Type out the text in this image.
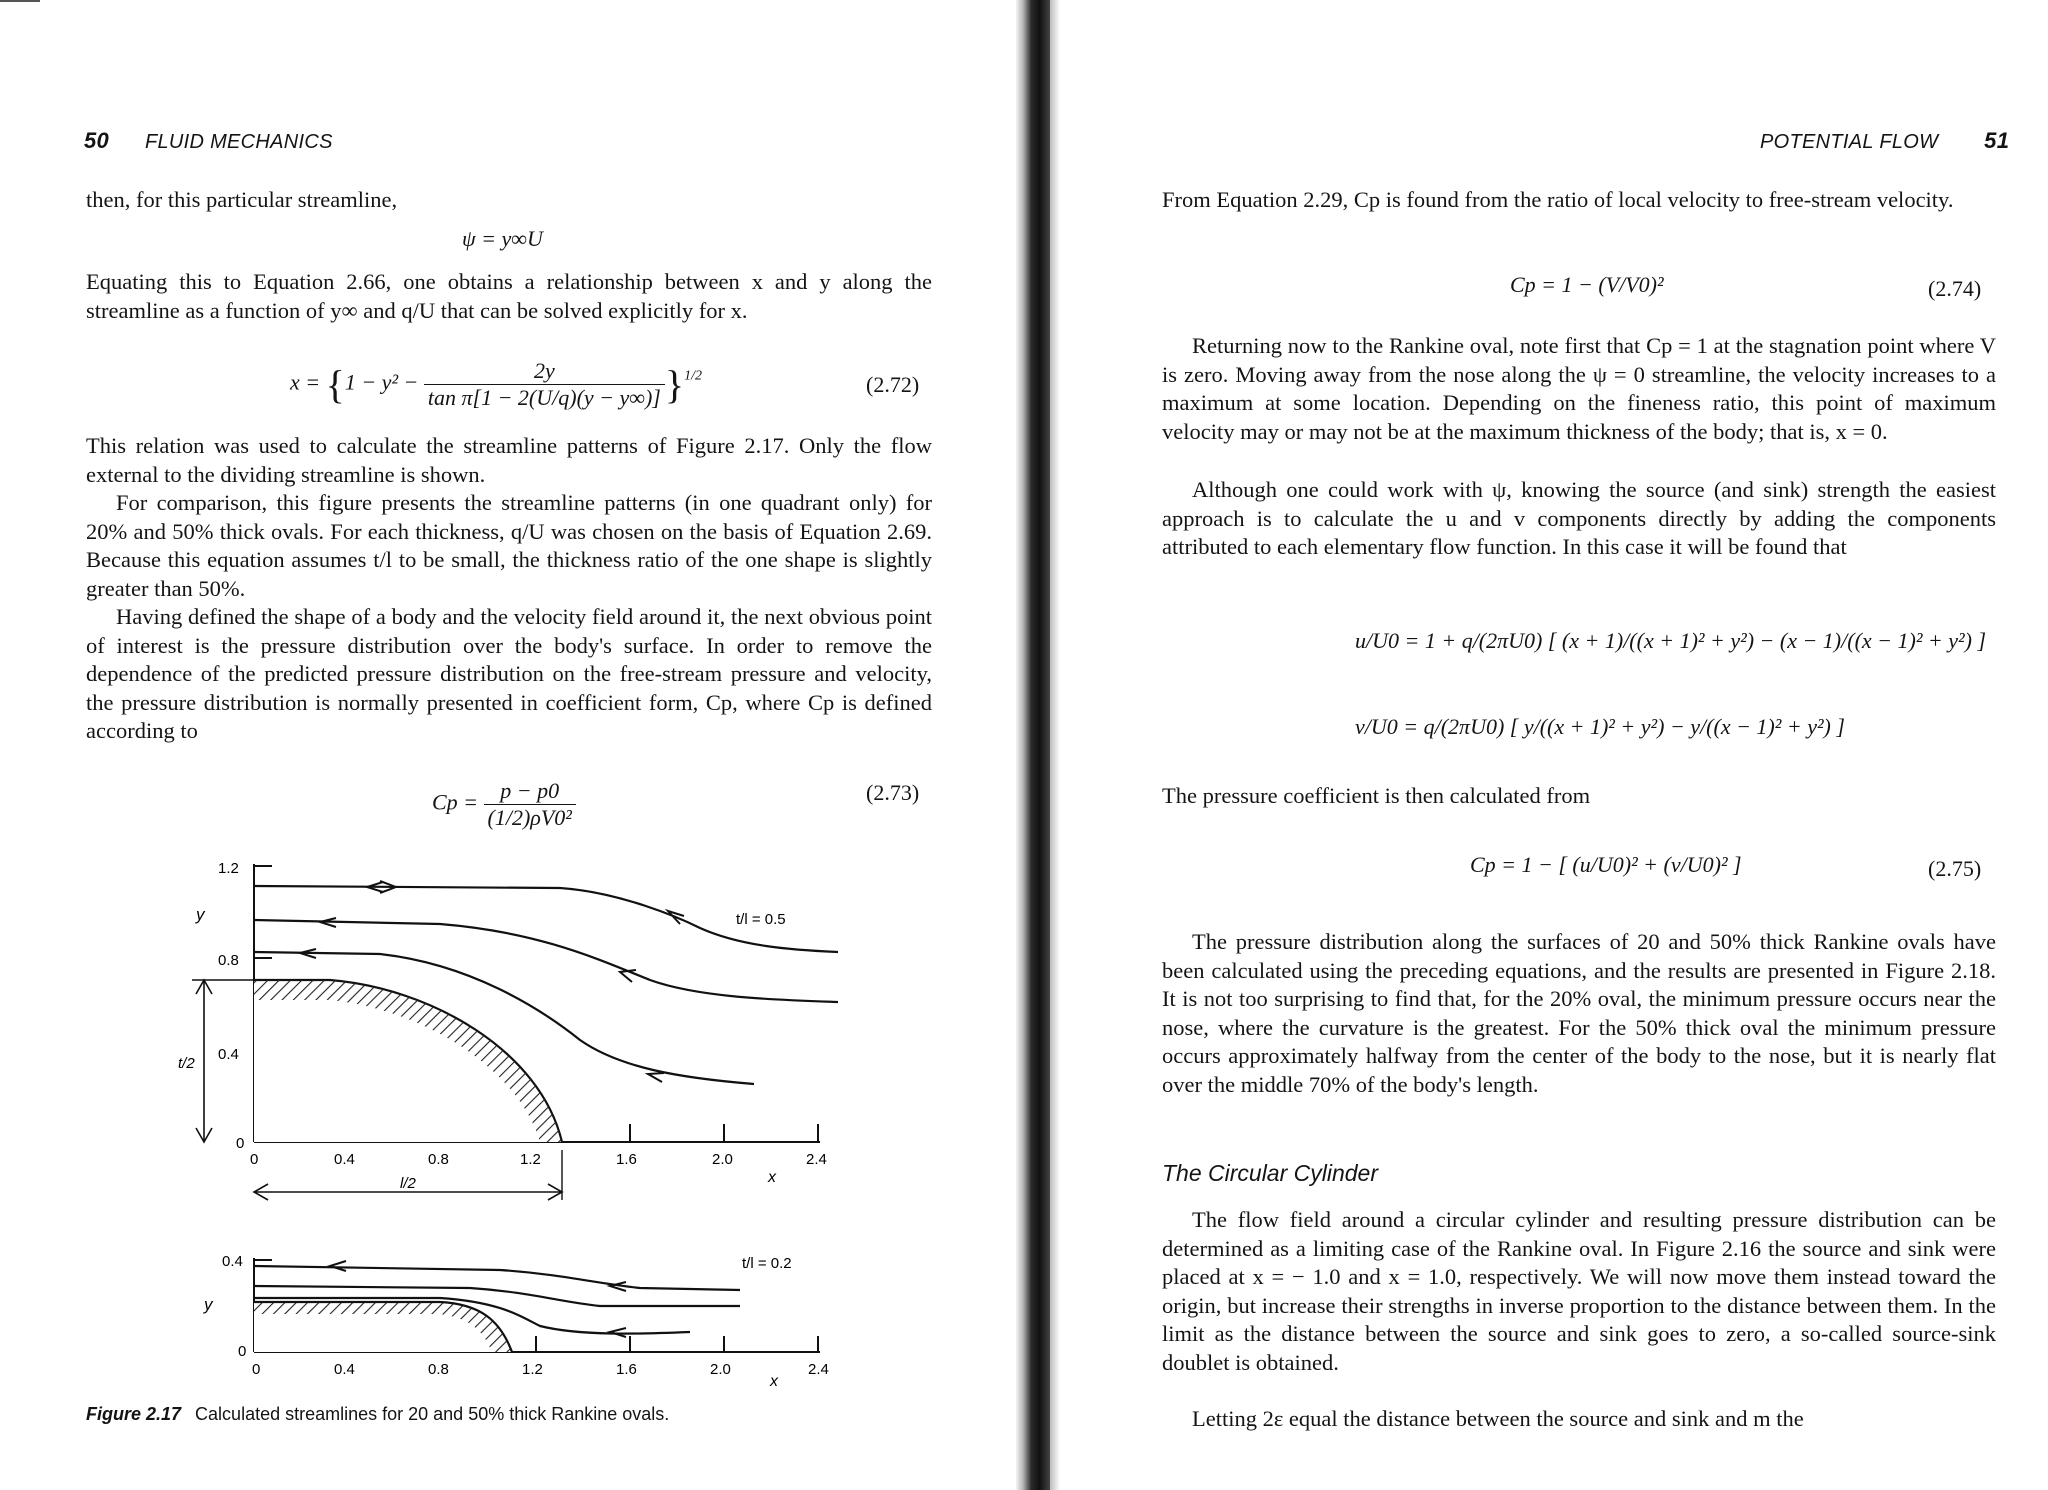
50 FLUID MECHANICS

then, for this particular streamline,

ψ = y∞U

Equating this to Equation 2.66, one obtains a relationship between x and y along the streamline as a function of y∞ and q/U that can be solved explicitly for x.

$x = \{1 - y^2 - \frac{2y}{\text{tan π[1 − 2(U/q)(y − y∞)]}} \}^{1/2}$	(2.72)

This relation was used to calculate the streamline patterns of Figure 2.17. Only the flow external to the dividing streamline is shown.

For comparison, this figure presents the streamline patterns (in one quadrant only) for 20% and 50% thick ovals. For each thickness, q/U was chosen on the basis of Equation 2.69. Because this equation assumes t/l to be small, the thickness ratio of the one shape is slightly greater than 50%.

Having defined the shape of a body and the velocity field around it, the next obvious point of interest is the pressure distribution over the body's surface. In order to remove the dependence of the predicted pressure distribution on the free-stream pressure and velocity, the pressure distribution is normally presented in coefficient form, Cp, where Cp is defined according to

$Cp = \frac{p - p0}{\text{(1/2)ρV0²}}$	(2.73)
1.2
0.8
0.4
0
y
0	0.4	0.8	1.2	1.6	2.0	2.4
x
t/l = 0.5
t/2
l/2
0.4
0
y
0	0.4	0.8	1.2	1.6	2.0	2.4
x
t/l = 0.2
Figure 2.17 Calculated streamlines for 20 and 50% thick Rankine ovals.
POTENTIAL FLOW 51

From Equation 2.29, Cp is found from the ratio of local velocity to free-stream velocity.

Cp = 1 − (V/V0)²	(2.74)

Returning now to the Rankine oval, note first that Cp = 1 at the stagnation point where V is zero. Moving away from the nose along the ψ = 0 streamline, the velocity increases to a maximum at some location. Depending on the fineness ratio, this point of maximum velocity may or may not be at the maximum thickness of the body; that is, x = 0.

Although one could work with ψ, knowing the source (and sink) strength the easiest approach is to calculate the u and v components directly by adding the components attributed to each elementary flow function. In this case it will be found that

u/U0 = 1 + q/(2πU0) [ (x + 1)/((x + 1)² + y²) − (x − 1)/((x − 1)² + y²) ]
v/U0 = q/(2πU0) [ y/((x + 1)² + y²) − y/((x − 1)² + y²) ]

The pressure coefficient is then calculated from

Cp = 1 − [ (u/U0)² + (v/U0)² ]	(2.75)

The pressure distribution along the surfaces of 20 and 50% thick Rankine ovals have been calculated using the preceding equations, and the results are presented in Figure 2.18. It is not too surprising to find that, for the 20% oval, the minimum pressure occurs near the nose, where the curvature is the greatest. For the 50% thick oval the minimum pressure occurs approximately halfway from the center of the body to the nose, but it is nearly flat over the middle 70% of the body's length.

The Circular Cylinder

The flow field around a circular cylinder and resulting pressure distribution can be determined as a limiting case of the Rankine oval. In Figure 2.16 the source and sink were placed at x = − 1.0 and x = 1.0, respectively. We will now move them instead toward the origin, but increase their strengths in inverse proportion to the distance between them. In the limit as the distance between the source and sink goes to zero, a so-called source-sink doublet is obtained.

Letting 2ε equal the distance between the source and sink and m the
